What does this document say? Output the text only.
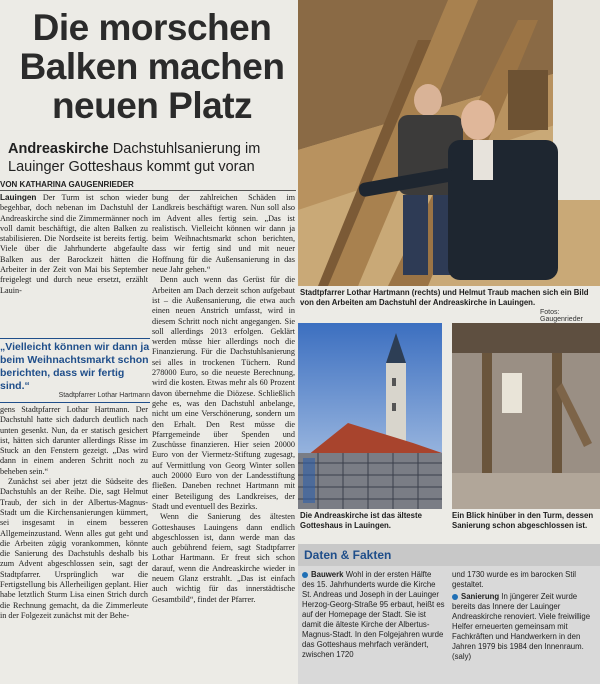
Die morschen Balken machen neuen Platz
Andreaskirche Dachstuhlsanierung im Lauinger Gotteshaus kommt gut voran
VON KATHARINA GAUGENRIEDER

Lauingen Der Turm ist schon wieder begehbar, doch nebenan im Dachstuhl der Andreaskirche sind die Zimmermänner noch voll damit beschäftigt, die alten Balken zu stabilisieren. Die Nordseite ist bereits fertig. Viele über die Jahrhunderte abgefaulte Balken aus der Barockzeit hätten die Arbeiter in der Zeit von Mai bis September freigelegt und durch neue ersetzt, erzählt Lauin-

„Vielleicht können wir dann ja beim Weihnachtsmarkt schon berichten, dass wir fertig sind.“
Stadtpfarrer Lothar Hartmann

gens Stadtpfarrer Lothar Hartmann. Der Dachstuhl hatte sich dadurch deutlich nach unten gesenkt. Nun, da er statisch gesichert ist, hätten sich darunter allerdings Risse im Stuck an den Fenstern gezeigt. „Das wird dann in einem anderen Schritt noch zu beheben sein.“

Zunächst sei aber jetzt die Südseite des Dachstuhls an der Reihe. Die, sagt Helmut Traub, der sich in der Albertus-Magnus-Stadt um die Kirchensanierungen kümmert, sei insgesamt in einem besseren Allgemeinzustand. Wenn alles gut geht und die Arbeiten zügig vorankommen, könnte die Sanierung des Dachstuhls deshalb bis zum Advent abgeschlossen sein, sagt der Stadtpfarrer. Ursprünglich war die Fertigstellung bis Allerheiligen geplant. Hier habe letztlich Sturm Lisa einen Strich durch die Rechnung gemacht, da die Zimmerleute in der Folgezeit zunächst mit der Behe-

bung der zahlreichen Schäden im Landkreis beschäftigt waren. Nun soll also im Advent alles fertig sein. „Das ist realistisch. Vielleicht können wir dann ja beim Weihnachtsmarkt schon berichten, dass wir fertig sind und mit neuer Hoffnung für die Außensanierung in das neue Jahr gehen.“

Denn auch wenn das Gerüst für die Arbeiten am Dach derzeit schon aufgebaut ist – die Außensanierung, die etwa auch einen neuen Anstrich umfasst, wird in diesem Schritt noch nicht angegangen. Sie soll allerdings 2013 erfolgen. Geklärt werden müsse hier allerdings noch die Finanzierung. Für die Dachstuhlsanierung sei alles in trockenen Tüchern. Rund 278000 Euro, so die neueste Berechnung, wird die kosten. Etwas mehr als 60 Prozent davon übernehme die Diözese. Schließlich gehe es, was den Dachstuhl anbelange, nicht um eine Verschönerung, sondern um den Erhalt. Den Rest müsse die Pfarrgemeinde über Spenden und Zuschüsse finanzieren. Hier seien 20000 Euro von der Viermetz-Stiftung zugesagt, auf Vermittlung von Georg Winter sollen auch 20000 Euro von der Landesstiftung fließen. Daneben rechnet Hartmann mit einer Beteiligung des Landkreises, der Stadt und eventuell des Bezirks.

Wenn die Sanierung des ältesten Gotteshauses Lauingens dann endlich abgeschlossen ist, dann werde man das auch gebührend feiern, sagt Stadtpfarrer Lothar Hartmann. Er freut sich schon darauf, wenn die Andreaskirche wieder in neuem Glanz erstrahlt. „Das ist einfach auch wichtig für das innerstädtische Gesamtbild“, findet der Pfarrer.

Stadtpfarrer Lothar Hartmann (rechts) und Helmut Traub machen sich ein Bild von den Arbeiten am Dachstuhl der Andreaskirche in Lauingen.
Fotos: Gaugenrieder
Die Andreaskirche ist das älteste Gotteshaus in Lauingen.
Ein Blick hinüber in den Turm, dessen Sanierung schon abgeschlossen ist.
Daten & Fakten
Bauwerk Wohl in der ersten Hälfte des 15. Jahrhunderts wurde die Kirche St. Andreas und Joseph in der Lauinger Herzog-Georg-Straße 95 erbaut, heißt es auf der Homepage der Stadt. Sie ist damit die älteste Kirche der Albertus-Magnus-Stadt. In den Folgejahren wurde das Gotteshaus mehrfach verändert, zwischen 1720
und 1730 wurde es im barocken Stil gestaltet.
Sanierung In jüngerer Zeit wurde bereits das Innere der Lauinger Andreaskirche renoviert. Viele freiwillige Helfer erneuerten gemeinsam mit Fachkräften und Handwerkern in den Jahren 1979 bis 1984 den Innenraum. (saly)
